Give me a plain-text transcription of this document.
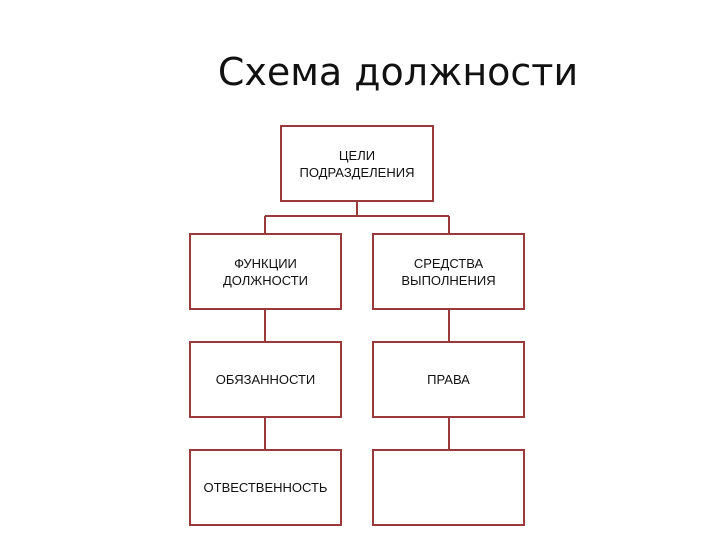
Схема должности
ЦЕЛИ
ПОДРАЗДЕЛЕНИЯ
ФУНКЦИИ
ДОЛЖНОСТИ
СРЕДСТВА
ВЫПОЛНЕНИЯ
ОБЯЗАННОСТИ	ПРАВА
ОТВЕСТВЕННОСТЬ
